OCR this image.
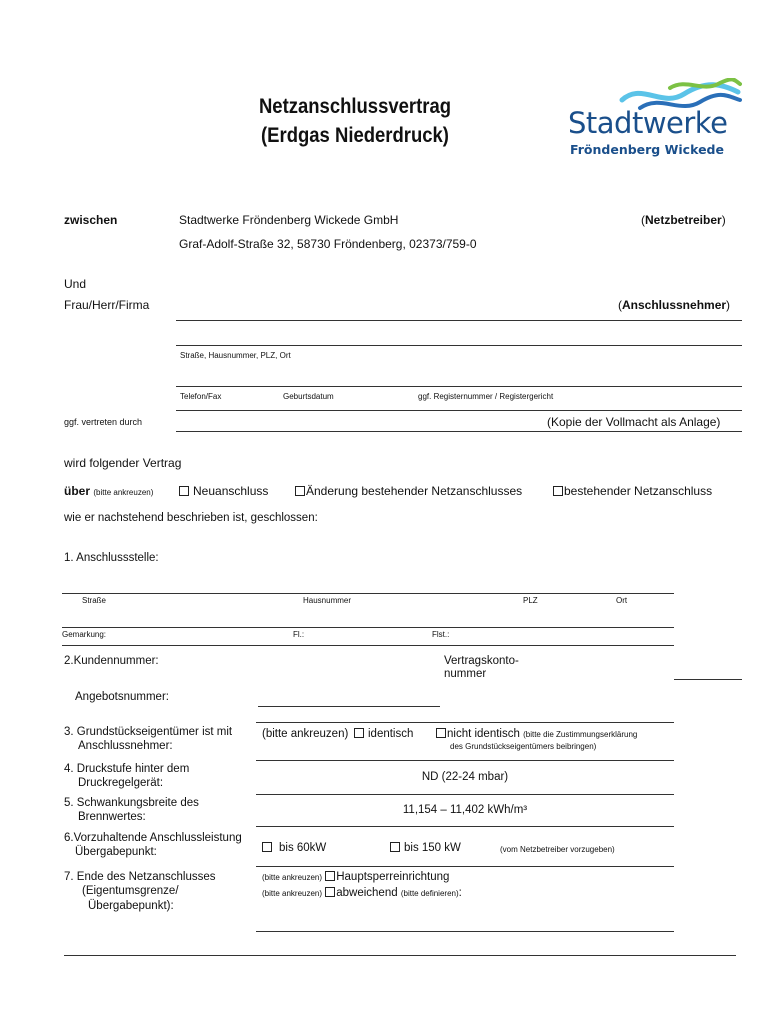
Netzanschlussvertrag
(Erdgas Niederdruck)	Stadtwerke
Fröndenberg Wickede
zwischen	Stadtwerke Fröndenberg Wickede GmbH	(Netzbetreiber)
Graf-Adolf-Straße 32, 58730 Fröndenberg, 02373/759-0
Und
Frau/Herr/Firma	(Anschlussnehmer)
Straße, Hausnummer, PLZ, Ort
Telefon/Fax	Geburtsdatum	ggf. Registernummer / Registergericht
ggf. vertreten durch	(Kopie der Vollmacht als Anlage)
wird folgender Vertrag
über (bitte ankreuzen)	Neuanschluss	Änderung bestehender Netzanschlusses	bestehender Netzanschluss
wie er nachstehend beschrieben ist, geschlossen:
1. Anschlussstelle:
Straße	Hausnummer	PLZ	Ort
Gemarkung:	Fl.:	Flst.:
2.Kundennummer:	Vertragskonto-
nummer
Angebotsnummer:
3. Grundstückseigentümer ist mit
Anschlussnehmer:
(bitte ankreuzen)	identisch	nicht identisch (bitte die Zustimmungserklärung
des Grundstückseigentümers beibringen)
4. Druckstufe hinter dem
Druckregelgerät:	ND (22-24 mbar)
5. Schwankungsbreite des
Brennwertes:
11,154 – 11,402 kWh/m³
6.Vorzuhaltende Anschlussleistung
Übergabepunkt:	bis 60kW	bis 150 kW	(vom Netzbetreiber vorzugeben)
7. Ende des Netzanschlusses
(Eigentumsgrenze/
Übergabepunkt):
(bitte ankreuzen) Hauptsperreinrichtung
(bitte ankreuzen) abweichend (bitte definieren):
